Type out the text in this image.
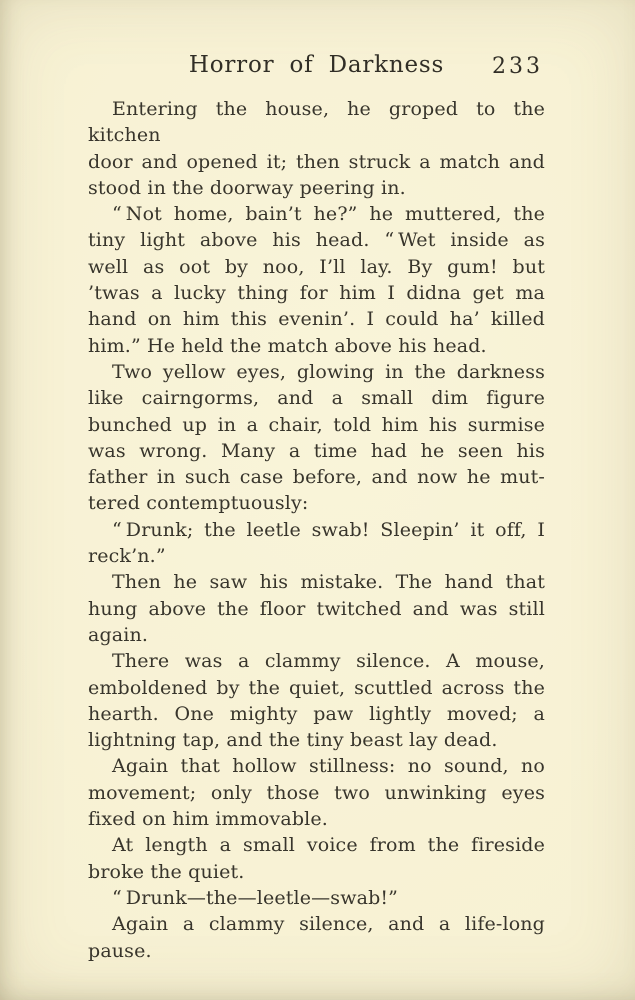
Horror of Darkness 233
Entering the house, he groped to the kitchen
door and opened it; then struck a match and
stood in the doorway peering in.
“ Not home, bain’t he?” he muttered, the
tiny light above his head. “ Wet inside as
well as oot by noo, I’ll lay. By gum! but
’twas a lucky thing for him I didna get ma
hand on him this evenin’. I could ha’ killed
him.” He held the match above his head.
Two yellow eyes, glowing in the darkness
like cairngorms, and a small dim figure
bunched up in a chair, told him his surmise
was wrong. Many a time had he seen his
father in such case before, and now he mut-
tered contemptuously:
“ Drunk; the leetle swab! Sleepin’ it off, I
reck’n.”
Then he saw his mistake. The hand that
hung above the floor twitched and was still
again.
There was a clammy silence. A mouse,
emboldened by the quiet, scuttled across the
hearth. One mighty paw lightly moved; a
lightning tap, and the tiny beast lay dead.
Again that hollow stillness: no sound, no
movement; only those two unwinking eyes
fixed on him immovable.
At length a small voice from the fireside
broke the quiet.
“ Drunk—the—leetle—swab!”
Again a clammy silence, and a life-long
pause.
